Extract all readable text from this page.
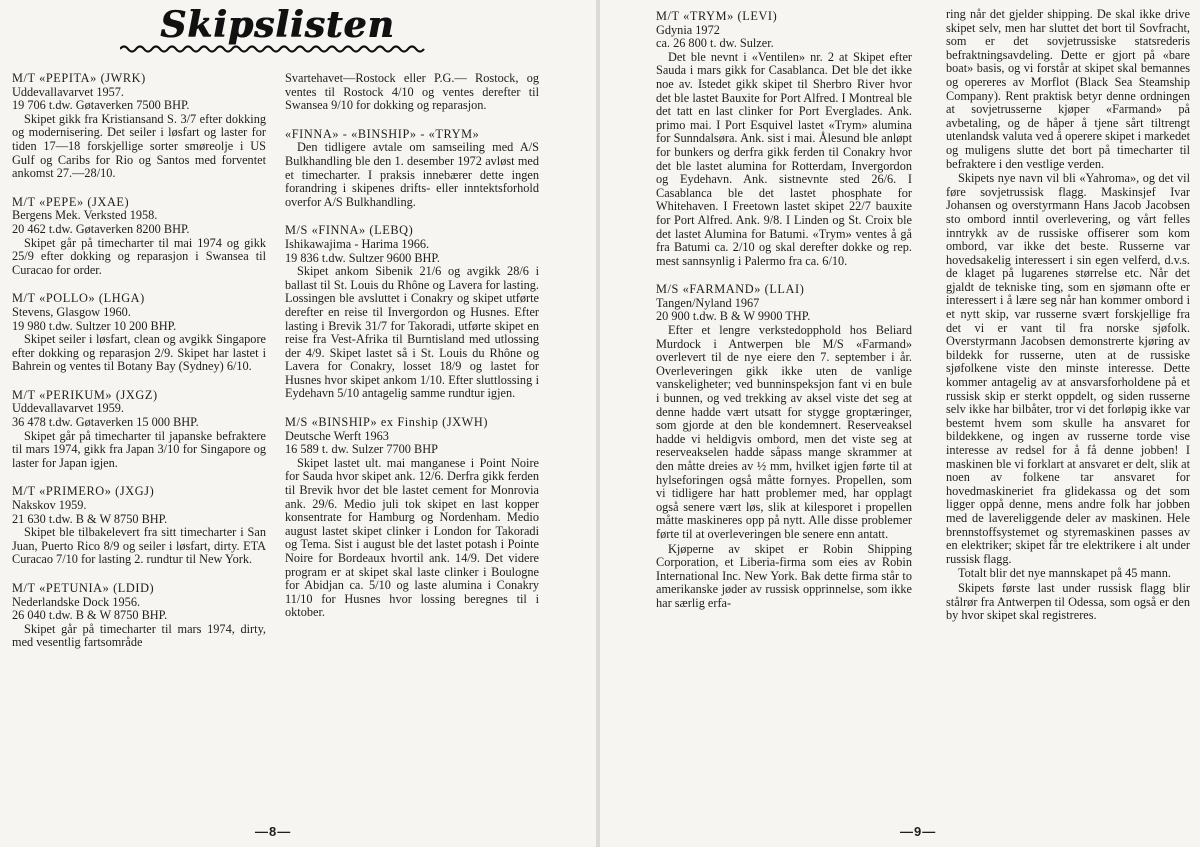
Skipslisten
M/T «PEPITA» (JWRK)
Uddevallavarvet 1957.
19 706 t.dw. Gøtaverken 7500 BHP.

Skipet gikk fra Kristiansand S. 3/7 efter dokking og modernisering. Det seiler i løsfart og laster for tiden 17—18 forskjellige sorter smøreolje i US Gulf og Caribs for Rio og Santos med forventet ankomst 27.—28/10.

M/T «PEPE» (JXAE)
Bergens Mek. Verksted 1958.
20 462 t.dw. Gøtaverken 8200 BHP.

Skipet går på timecharter til mai 1974 og gikk 25/9 efter dokking og reparasjon i Swansea til Curacao for order.

M/T «POLLO» (LHGA)
Stevens, Glasgow 1960.
19 980 t.dw. Sultzer 10 200 BHP.

Skipet seiler i løsfart, clean og avgikk Singapore efter dokking og reparasjon 2/9. Skipet har lastet i Bahrein og ventes til Botany Bay (Sydney) 6/10.

M/T «PERIKUM» (JXGZ)
Uddevallavarvet 1959.
36 478 t.dw. Gøtaverken 15 000 BHP.

Skipet går på timecharter til japanske befraktere til mars 1974, gikk fra Japan 3/10 for Singapore og laster for Japan igjen.

M/T «PRIMERO» (JXGJ)
Nakskov 1959.
21 630 t.dw. B & W 8750 BHP.

Skipet ble tilbakelevert fra sitt timecharter i San Juan, Puerto Rico 8/9 og seiler i løsfart, dirty. ETA Curacao 7/10 for lasting 2. rundtur til New York.

M/T «PETUNIA» (LDID)
Nederlandske Dock 1956.
26 040 t.dw. B & W 8750 BHP.

Skipet går på timecharter til mars 1974, dirty, med vesentlig fartsområde

Svartehavet—Rostock eller P.G.— Rostock, og ventes til Rostock 4/10 og ventes derefter til Swansea 9/10 for dokking og reparasjon.

«FINNA» - «BINSHIP» - «TRYM»

Den tidligere avtale om samseiling med A/S Bulkhandling ble den 1. desember 1972 avløst med et timecharter. I praksis innebærer dette ingen forandring i skipenes drifts- eller inntektsforhold overfor A/S Bulkhandling.

M/S «FINNA» (LEBQ)
Ishikawajima - Harima 1966.
19 836 t.dw. Sultzer 9600 BHP.

Skipet ankom Sibenik 21/6 og avgikk 28/6 i ballast til St. Louis du Rhône og Lavera for lasting. Lossingen ble avsluttet i Conakry og skipet utførte derefter en reise til Invergordon og Husnes. Efter lasting i Brevik 31/7 for Takoradi, utførte skipet en reise fra Vest-Afrika til Burntisland med utlossing der 4/9. Skipet lastet så i St. Louis du Rhône og Lavera for Conakry, losset 18/9 og lastet for Husnes hvor skipet ankom 1/10. Efter sluttlossing i Eydehavn 5/10 antagelig samme rundtur igjen.

M/S «BINSHIP» ex Finship (JXWH)
Deutsche Werft 1963
16 589 t. dw. Sulzer 7700 BHP

Skipet lastet ult. mai manganese i Point Noire for Sauda hvor skipet ank. 12/6. Derfra gikk ferden til Brevik hvor det ble lastet cement for Monrovia ank. 29/6. Medio juli tok skipet en last kopper konsentrate for Hamburg og Nordenham. Medio august lastet skipet clinker i London for Takoradi og Tema. Sist i august ble det lastet potash i Pointe Noire for Bordeaux hvortil ank. 14/9. Det videre program er at skipet skal laste clinker i Boulogne for Abidjan ca. 5/10 og laste alumina i Conakry 11/10 for Husnes hvor lossing beregnes til i oktober.

—8—
M/T «TRYM» (LEVI)
Gdynia 1972
ca. 26 800 t. dw. Sulzer.

Det ble nevnt i «Ventilen» nr. 2 at Skipet efter Sauda i mars gikk for Casablanca. Det ble det ikke noe av. Istedet gikk skipet til Sherbro River hvor det ble lastet Bauxite for Port Alfred. I Montreal ble det tatt en last clinker for Port Everglades. Ank. primo mai. I Port Esquivel lastet «Trym» alumina for Sunndalsøra. Ank. sist i mai. Ålesund ble anløpt for bunkers og derfra gikk ferden til Conakry hvor det ble lastet alumina for Rotterdam, Invergordon og Eydehavn. Ank. sistnevnte sted 26/6. I Casablanca ble det lastet phosphate for Whitehaven. I Freetown lastet skipet 22/7 bauxite for Port Alfred. Ank. 9/8. I Linden og St. Croix ble det lastet Alumina for Batumi. «Trym» ventes å gå fra Batumi ca. 2/10 og skal derefter dokke og rep. mest sannsynlig i Palermo fra ca. 6/10.

M/S «FARMAND» (LLAI)
Tangen/Nyland 1967
20 900 t.dw. B & W 9900 THP.

Efter et lengre verkstedopphold hos Beliard Murdock i Antwerpen ble M/S «Farmand» overlevert til de nye eiere den 7. september i år. Overleveringen gikk ikke uten de vanlige vanskeligheter; ved bunninspeksjon fant vi en bule i bunnen, og ved trekking av aksel viste det seg at denne hadde vært utsatt for stygge groptæringer, som gjorde at den ble kondemnert. Reserveaksel hadde vi heldigvis ombord, men det viste seg at reserveakselen hadde såpass mange skrammer at den måtte dreies av ½ mm, hvilket igjen førte til at hylseforingen også måtte fornyes. Propellen, som vi tidligere har hatt problemer med, har opplagt også senere vært løs, slik at kilesporet i propellen måtte maskineres opp på nytt. Alle disse problemer førte til at overleveringen ble senere enn antatt.

Kjøperne av skipet er Robin Shipping Corporation, et Liberia-firma som eies av Robin International Inc. New York. Bak dette firma står to amerikanske jøder av russisk opprinnelse, som ikke har særlig erfa-

ring når det gjelder shipping. De skal ikke drive skipet selv, men har sluttet det bort til Sovfracht, som er det sovjetrussiske statsrederis befraktningsavdeling. Dette er gjort på «bare boat» basis, og vi forstår at skipet skal bemannes og opereres av Morflot (Black Sea Steamship Company). Rent praktisk betyr denne ordningen at sovjetrusserne kjøper «Farmand» på avbetaling, og de håper å tjene sårt tiltrengt utenlandsk valuta ved å operere skipet i markedet og muligens slutte det bort på timecharter til befraktere i den vestlige verden.

Skipets nye navn vil bli «Yahroma», og det vil føre sovjetrussisk flagg. Maskinsjef Ivar Johansen og overstyrmann Hans Jacob Jacobsen sto ombord inntil overlevering, og vårt felles inntrykk av de russiske offiserer som kom ombord, var ikke det beste. Russerne var hovedsakelig interessert i sin egen velferd, d.v.s. de klaget på lugarenes størrelse etc. Når det gjaldt de tekniske ting, som en sjømann ofte er interessert i å lære seg når han kommer ombord i et nytt skip, var russerne svært forskjellige fra det vi er vant til fra norske sjøfolk. Overstyrmann Jacobsen demonstrerte kjøring av bildekk for russerne, uten at de russiske sjøfolkene viste den minste interesse. Dette kommer antagelig av at ansvarsforholdene på et russisk skip er sterkt oppdelt, og siden russerne selv ikke har bilbåter, tror vi det forløpig ikke var bestemt hvem som skulle ha ansvaret for bildekkene, og ingen av russerne torde vise interesse av redsel for å få denne jobben! I maskinen ble vi forklart at ansvaret er delt, slik at noen av folkene tar ansvaret for hovedmaskineriet fra glidekassa og det som ligger oppå denne, mens andre folk har jobben med de lavereliggende deler av maskinen. Hele brennstoffsystemet og styremaskinen passes av en elektriker; skipet får tre elektrikere i alt under russisk flagg.

Totalt blir det nye mannskapet på 45 mann.

Skipets første last under russisk flagg blir stålrør fra Antwerpen til Odessa, som også er den by hvor skipet skal registreres.

—9—
